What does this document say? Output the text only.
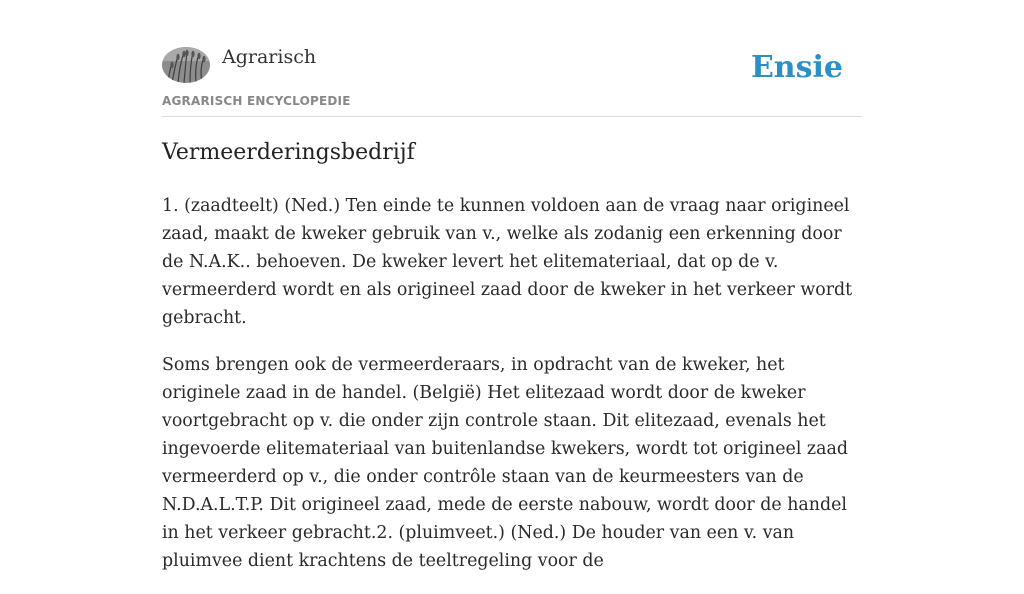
Agrarisch
AGRARISCH ENCYCLOPEDIE
Ensie
Vermeerderingsbedrijf

1. (zaadteelt) (Ned.) Ten einde te kunnen voldoen aan de vraag naar origineel zaad, maakt de kweker gebruik van v., welke als zodanig een erkenning door de N.A.K.. behoeven. De kweker levert het elitemateriaal, dat op de v. vermeerderd wordt en als origineel zaad door de kweker in het verkeer wordt gebracht.

Soms brengen ook de vermeerderaars, in opdracht van de kweker, het originele zaad in de handel. (België) Het elitezaad wordt door de kweker voortgebracht op v. die onder zijn controle staan. Dit elitezaad, evenals het ingevoerde elitemateriaal van buitenlandse kwekers, wordt tot origineel zaad vermeerderd op v., die onder contrôle staan van de keurmeesters van de N.D.A.L.T.P. Dit origineel zaad, mede de eerste nabouw, wordt door de handel in het verkeer gebracht.2. (pluimveet.) (Ned.) De houder van een v. van pluimvee dient krachtens de teeltregeling voor de
